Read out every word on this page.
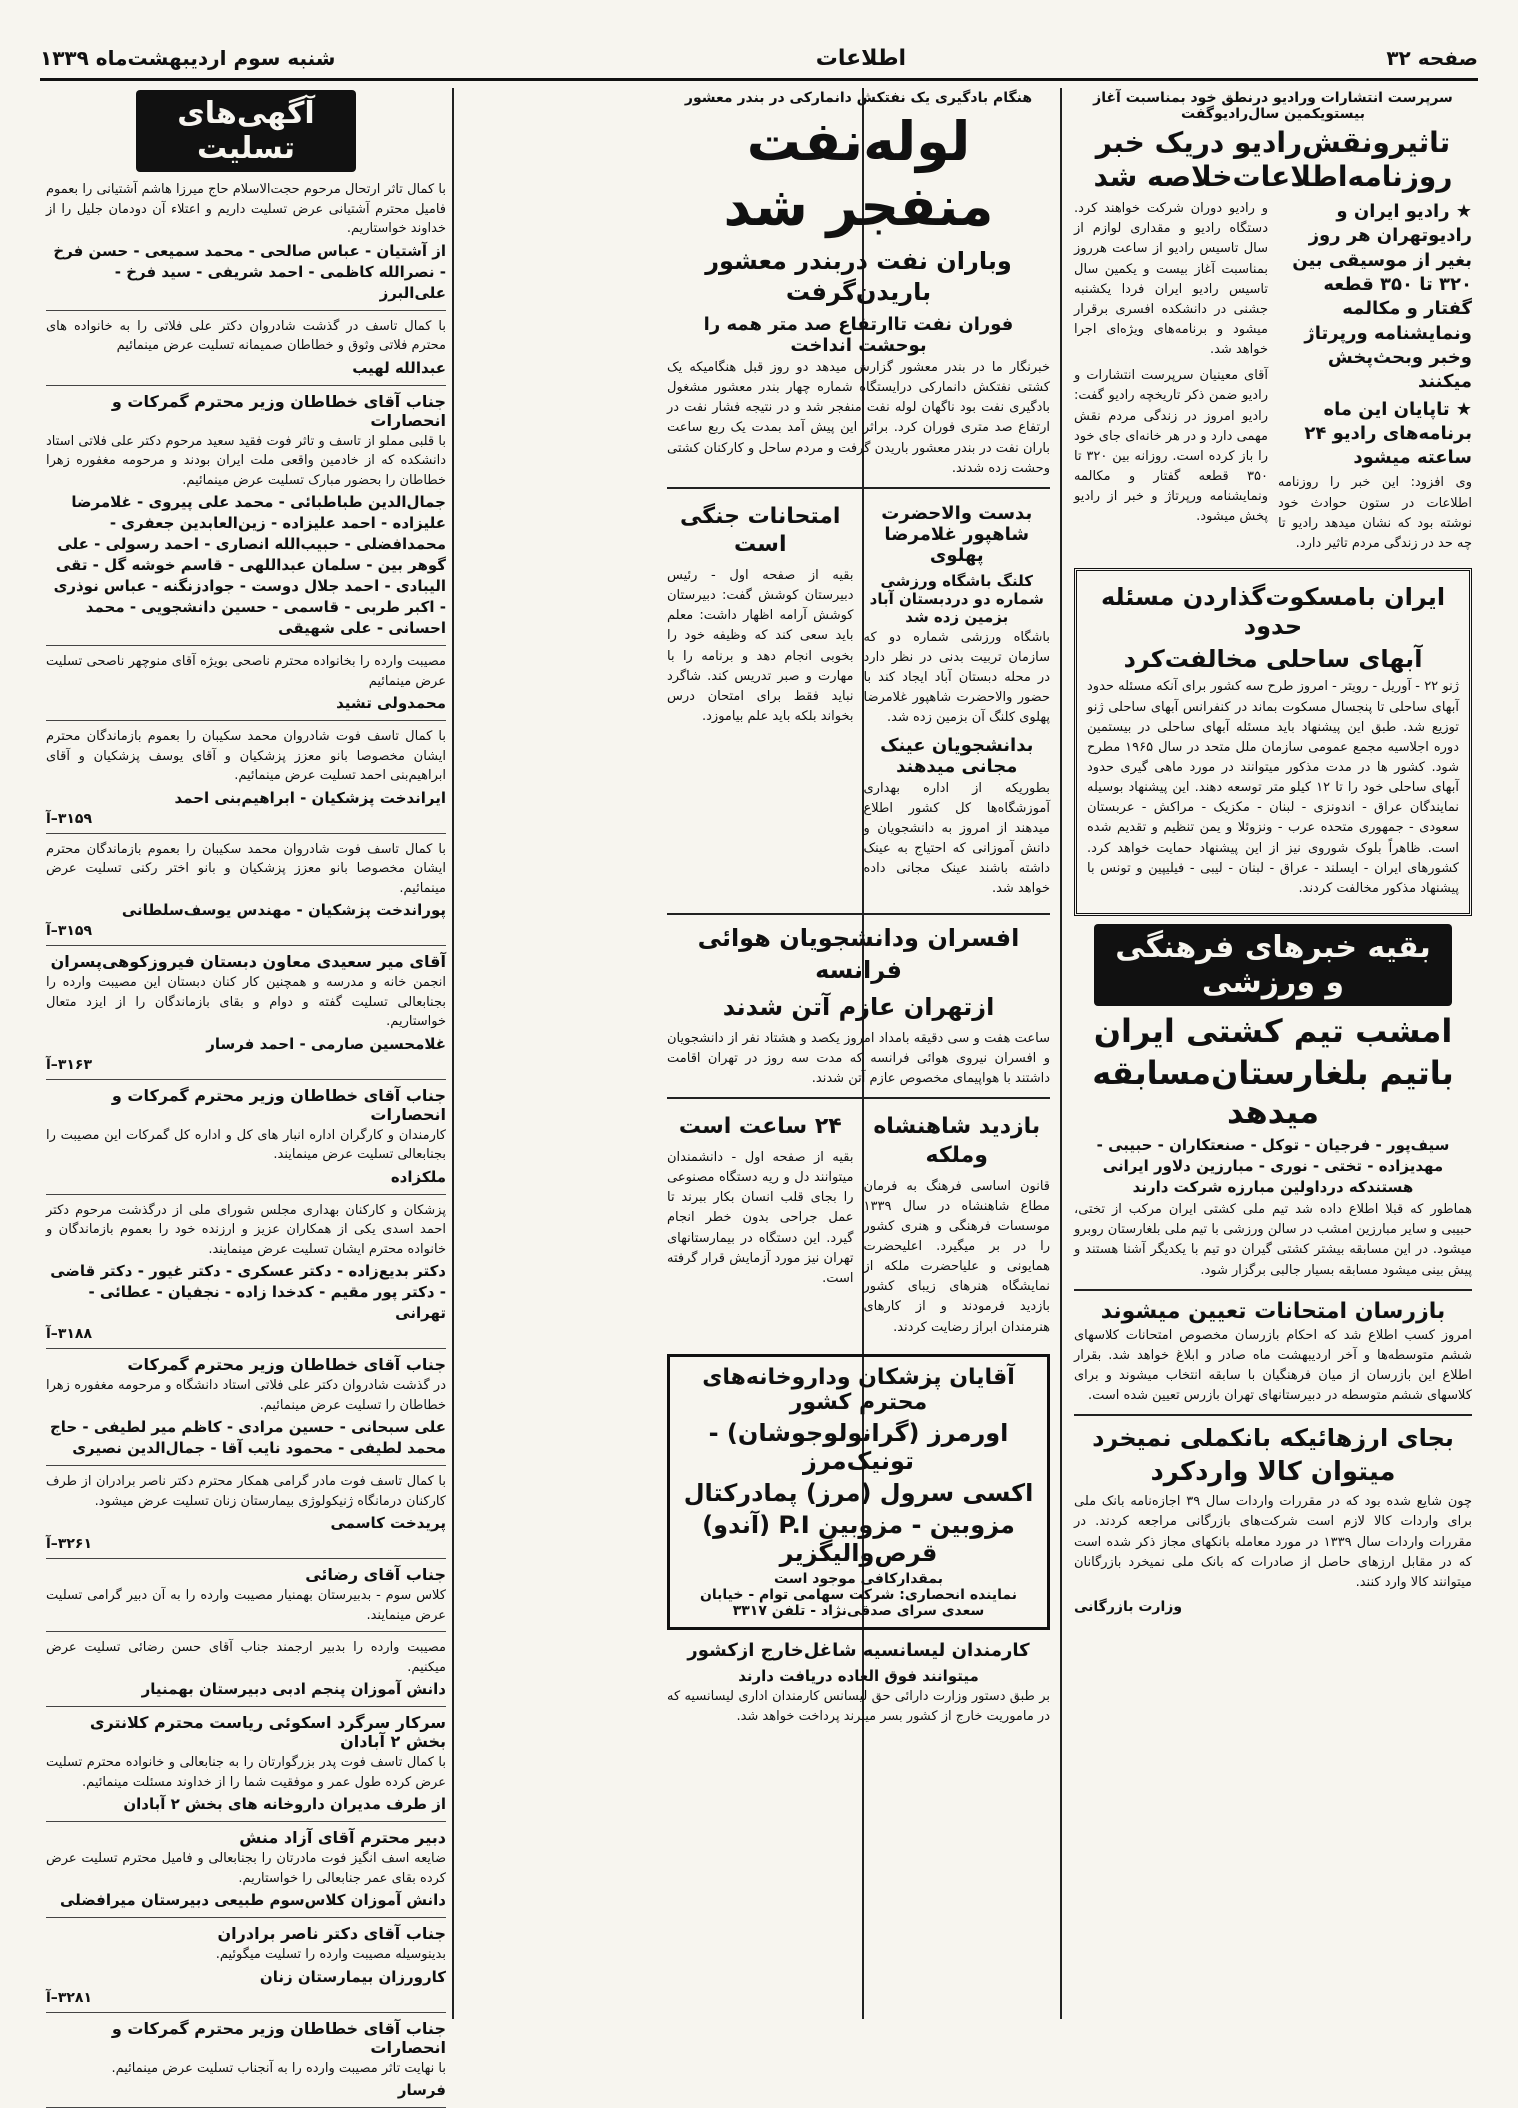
صفحه ۳۲
اطلاعات
شنبه سوم اردیبهشت‌ماه ۱۳۳۹
سرپرست انتشارات ورادیو درنطق خود بمناسبت آغاز بیستویکمین سال‌رادیوگفت
تاثیرونقش‌رادیو دریک خبر روزنامه‌اطلاعات‌خلاصه شد
★ رادیو ایران و رادیوتهران هر روز بغیر از موسیقی بین ۳۲۰ تا ۳۵۰ قطعه گفتار و مکالمه ونمایشنامه ورپرتاژ وخبر وبحث‌پخش میکنند
★ تاپایان این ماه برنامه‌های رادیو ۲۴ ساعته میشود

وی افزود: این خبر را روزنامه اطلاعات در ستون حوادث خود نوشته بود که نشان میدهد رادیو تا چه حد در زندگی مردم تاثیر دارد.

و رادیو دوران شرکت خواهند کرد. دستگاه رادیو و مقداری لوازم از سال تاسیس رادیو از ساعت هرروز بمناسبت آغاز بیست و یکمین سال تاسیس رادیو ایران فردا یکشنبه جشنی در دانشکده افسری برقرار میشود و برنامه‌های ویژه‌ای اجرا خواهد شد.

آقای معینیان سرپرست انتشارات و رادیو ضمن ذکر تاریخچه رادیو گفت: رادیو امروز در زندگی مردم نقش مهمی دارد و در هر خانه‌ای جای خود را باز کرده است. روزانه بین ۳۲۰ تا ۳۵۰ قطعه گفتار و مکالمه ونمایشنامه ورپرتاژ و خبر از رادیو پخش میشود.

ایران بامسکوت‌گذاردن مسئله حدود
آبهای ساحلی مخالفت‌کرد

ژنو ۲۲ - آوریل - رویتر - امروز طرح سه کشور برای آنکه مسئله حدود آبهای ساحلی تا پنجسال مسکوت بماند در کنفرانس آبهای ساحلی ژنو توزیع شد. طبق این پیشنهاد باید مسئله آبهای ساحلی در بیستمین دوره اجلاسیه مجمع عمومی سازمان ملل متحد در سال ۱۹۶۵ مطرح شود. کشور ها در مدت مذکور میتوانند در مورد ماهی گیری حدود آبهای ساحلی خود را تا ۱۲ کیلو متر توسعه دهند. این پیشنهاد بوسیله نمایندگان عراق - اندونزی - لبنان - مکزیک - مراکش - عربستان سعودی - جمهوری متحده عرب - ونزوئلا و یمن تنظیم و تقدیم شده است. ظاهراً بلوک شوروی نیز از این پیشنهاد حمایت خواهد کرد. کشورهای ایران - ایسلند - عراق - لبنان - لیبی - فیلیپین و تونس با پیشنهاد مذکور مخالفت کردند.

بقیه خبرهای فرهنگی و ورزشی
امشب تیم کشتی ایران
باتیم بلغارستان‌مسابقه میدهد
سیف‌پور - فرجیان - توکل - صنعتکاران - حبیبی - مهدیزاده - تختی - نوری - مبارزین دلاور ایرانی هستندکه درداولین مبارزه شرکت دارند

هماطور که قبلا اطلاع داده شد تیم ملی کشتی ایران مرکب از تختی، حبیبی و سایر مبارزین امشب در سالن ورزشی با تیم ملی بلغارستان روبرو میشود. در این مسابقه بیشتر کشتی گیران دو تیم با یکدیگر آشنا هستند و پیش بینی میشود مسابقه بسیار جالبی برگزار شود.

بازرسان امتحانات تعیین میشوند

امروز کسب اطلاع شد که احکام بازرسان مخصوص امتحانات کلاسهای ششم متوسطه‌ها و آخر اردیبهشت ماه صادر و ابلاغ خواهد شد. بقرار اطلاع این بازرسان از میان فرهنگیان با سابقه انتخاب میشوند و برای کلاسهای ششم متوسطه در دبیرستانهای تهران بازرس تعیین شده است.

بجای ارزهائیکه بانکملی نمیخرد
میتوان کالا واردکرد

چون شایع شده بود که در مقررات واردات سال ۳۹ اجازه‌نامه بانک ملی برای واردات کالا لازم است شرکت‌های بازرگانی مراجعه کردند. در مقررات واردات سال ۱۳۳۹ در مورد معامله بانکهای مجاز ذکر شده است که در مقابل ارزهای حاصل از صادرات که بانک ملی نمیخرد بازرگانان میتوانند کالا وارد کنند.

وزارت بازرگانی
هنگام بادگیری یک نفتکش دانمارکی در بندر معشور
لوله‌نفت منفجر شد
وباران نفت دربندر معشور باریدن‌گرفت
فوران نفت تاارتفاع صد متر همه را بوحشت انداخت

خبرنگار ما در بندر معشور گزارش میدهد دو روز قبل هنگامیکه یک کشتی نفتکش دانمارکی درایستگاه شماره چهار بندر معشور مشغول بادگیری نفت بود ناگهان لوله نفت منفجر شد و در نتیجه فشار نفت در ارتفاع صد متری فوران کرد. براثر این پیش آمد بمدت یک ربع ساعت باران نفت در بندر معشور باریدن گرفت و مردم ساحل و کارکنان کشتی وحشت زده شدند.

بدست والاحضرت شاهپور غلامرضا پهلوی
کلنگ باشگاه ورزشی شماره دو دردبستان آباد بزمین زده شد

باشگاه ورزشی شماره دو که سازمان تربیت بدنی در نظر دارد در محله دبستان آباد ایجاد کند با حضور والاحضرت شاهپور غلامرضا پهلوی کلنگ آن بزمین زده شد.

بدانشجویان عینک مجانی میدهند

بطوریکه از اداره بهداری آموزشگاه‌ها کل کشور اطلاع میدهند از امروز به دانشجویان و دانش آموزانی که احتیاج به عینک داشته باشند عینک مجانی داده خواهد شد.

امتحانات جنگی است

بقیه از صفحه اول - رئیس دبیرستان کوشش گفت: دبیرستان کوشش آرامه اظهار داشت: معلم باید سعی کند که وظیفه خود را بخوبی انجام دهد و برنامه را با مهارت و صبر تدریس کند. شاگرد نباید فقط برای امتحان درس بخواند بلکه باید علم بیاموزد.

افسران ودانشجویان هوائی فرانسه
ازتهران عازم آتن شدند

ساعت هفت و سی دقیقه بامداد امروز یکصد و هشتاد نفر از دانشجویان و افسران نیروی هوائی فرانسه که مدت سه روز در تهران اقامت داشتند با هواپیمای مخصوص عازم آتن شدند.

بازدید شاهنشاه وملکه

قانون اساسی فرهنگ به فرمان مطاع شاهنشاه در سال ۱۳۳۹ موسسات فرهنگی و هنری کشور را در بر میگیرد. اعلیحضرت همایونی و علیاحضرت ملکه از نمایشگاه هنرهای زیبای کشور بازدید فرمودند و از کارهای هنرمندان ابراز رضایت کردند.

۲۴ ساعت است

بقیه از صفحه اول - دانشمندان میتوانند دل و ریه دستگاه مصنوعی را بجای قلب انسان بکار ببرند تا عمل جراحی بدون خطر انجام گیرد. این دستگاه در بیمارستانهای تهران نیز مورد آزمایش قرار گرفته است.

آقایان پزشکان وداروخانه‌های
محترم کشور
اورمرز (گرانولوجوشان) - تونیک‌مرز
اکسی سرول (مرز) پمادرکتال
مزوبین - مزوبین P.I (آندو) قرص‌والیگزیر
بمقدارکافی موجود است
نماینده انحصاری: شرکت سهامی توام - خیابان سعدی سرای صدقی‌نژاد - تلفن ۳۳۱۷
کارمندان لیسانسیه شاغل‌خارج ازکشور
میتوانند فوق العاده دریافت دارند

بر طبق دستور وزارت دارائی حق لیسانس کارمندان اداری لیسانسیه که در ماموریت خارج از کشور بسر میبرند پرداخت خواهد شد.

آگهی‌های تسلیت
با کمال تاثر ارتحال مرحوم حجت‌الاسلام حاج میرزا هاشم آشتیانی را بعموم فامیل محترم آشتیانی عرض تسلیت داریم و اعتلاء آن دودمان جلیل را از خداوند خواستاریم.
از آشتیان - عباس صالحی - محمد سمیعی - حسن فرخ - نصرالله کاظمی - احمد شریفی - سید فرخ - علی‌البرز
با کمال تاسف در گذشت شادروان دکتر علی فلاتی را به خانواده های محترم فلاتی وثوق و خطاطان صمیمانه تسلیت عرض مینمائیم
عبدالله لهیب
جناب آقای خطاطان وزیر محترم گمرکات و انحصارات
با قلبی مملو از تاسف و تاثر فوت فقید سعید مرحوم دکتر علی فلاتی استاد دانشکده که از خادمین واقعی ملت ایران بودند و مرحومه مغفوره زهرا خطاطان را بحضور مبارک تسلیت عرض مینمائیم.
جمال‌الدین طباطبائی - محمد علی پیروی - غلامرضا علیزاده - احمد علیزاده - زین‌العابدین جعفری - محمدافضلی - حبیب‌الله انصاری - احمد رسولی - علی گوهر بین - سلمان عبداللهی - قاسم خوشه گل - تقی الیبادی - احمد جلال دوست - جوادزنگنه - عباس نوذری - اکبر طربی - قاسمی - حسین دانشجویی - محمد احسانی - علی شهیقی
مصیبت وارده را بخانواده محترم ناصحی بویژه آقای منوچهر ناصحی تسلیت عرض مینمائیم
محمدولی تشید
با کمال تاسف فوت شادروان محمد سکیبان را بعموم بازماندگان محترم ایشان مخصوصا بانو معزز پزشکیان و آقای یوسف پزشکیان و آقای ابراهیم‌بنی احمد تسلیت عرض مینمائیم.
ایراندخت پزشکیان - ابراهیم‌بنی احمد
۳۱۵۹–آ
با کمال تاسف فوت شادروان محمد سکیبان را بعموم بازماندگان محترم ایشان مخصوصا بانو معزز پزشکیان و بانو اختر رکنی تسلیت عرض مینمائیم.
پوراندخت پزشکیان - مهندس یوسف‌سلطانی
۳۱۵۹–آ
آقای میر سعیدی معاون دبستان فیروزکوهی‌پسران
انجمن خانه و مدرسه و همچنین کار کنان دبستان این مصیبت وارده را بجنابعالی تسلیت گفته و دوام و بقای بازماندگان را از ایزد متعال خواستاریم.
غلامحسین صارمی - احمد فرسار
۳۱۶۳–آ
جناب آقای خطاطان وزیر محترم گمرکات و انحصارات
کارمندان و کارگران اداره انبار های کل و اداره کل گمرکات این مصیبت را بجنابعالی تسلیت عرض مینمایند.
ملکزاده
پزشکان و کارکنان بهداری مجلس شورای ملی از درگذشت مرحوم دکتر احمد اسدی یکی از همکاران عزیز و ارزنده خود را بعموم بازماندگان و خانواده محترم ایشان تسلیت عرض مینمایند.
دکتر بدیع‌زاده - دکتر عسکری - دکتر غیور - دکتر قاضی - دکتر پور مقیم - کدخدا زاده - نجفیان - عطائی - تهرانی
۳۱۸۸–آ
جناب آقای خطاطان وزیر محترم گمرکات
در گذشت شادروان دکتر علی فلاتی استاد دانشگاه و مرحومه مغفوره زهرا خطاطان را تسلیت عرض مینمائیم.
علی سبحانی - حسین مرادی - کاظم میر لطیفی - حاج محمد لطیفی - محمود نایب آقا - جمال‌الدین نصیری
با کمال تاسف فوت مادر گرامی همکار محترم دکتر ناصر برادران از طرف کارکنان درمانگاه ژنیکولوژی بیمارستان زنان تسلیت عرض میشود.
پریدخت کاسمی
۳۲۶۱–آ
جناب آقای رضائی
کلاس سوم - بدبیرستان بهمنیار مصیبت وارده را به آن دبیر گرامی تسلیت عرض مینمایند.
مصیبت وارده را بدبیر ارجمند جناب آقای حسن رضائی تسلیت عرض میکنیم.
دانش آموزان پنجم ادبی دبیرستان بهمنیار
سرکار سرگرد اسکوئی ریاست محترم کلانتری بخش ۲ آبادان
با کمال تاسف فوت پدر بزرگوارتان را به جنابعالی و خانواده محترم تسلیت عرض کرده طول عمر و موفقیت شما را از خداوند مسئلت مینمائیم.
از طرف مدیران داروخانه های بخش ۲ آبادان
دبیر محترم آقای آزاد منش
ضایعه اسف انگیز فوت مادرتان را بجنابعالی و فامیل محترم تسلیت عرض کرده بقای عمر جنابعالی را خواستاریم.
دانش آموزان کلاس‌سوم طبیعی دبیرستان میرافضلی
جناب آقای دکتر ناصر برادران
بدینوسیله مصیبت وارده را تسلیت میگوئیم.
کارورزان بیمارستان زنان
۳۲۸۱–آ
جناب آقای خطاطان وزیر محترم گمرکات و انحصارات
با نهایت تاثر مصیبت وارده را به آنجناب تسلیت عرض مینمائیم.
فرسار
